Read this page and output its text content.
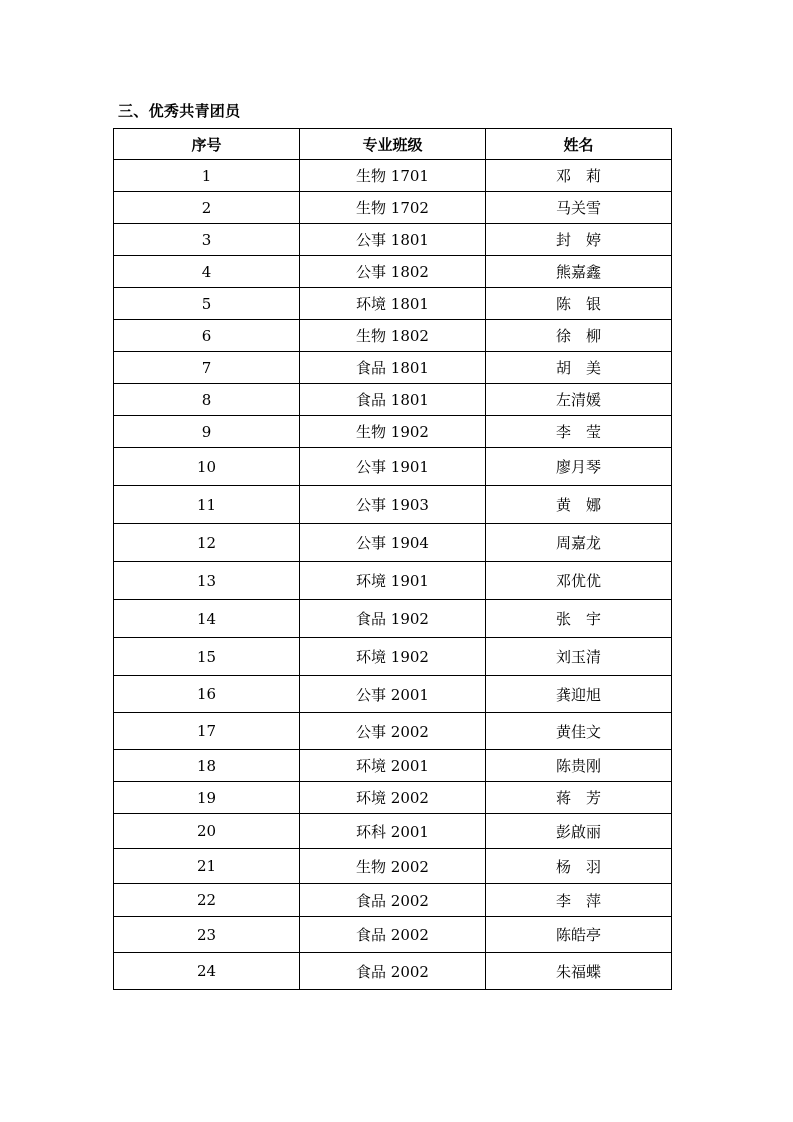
三、优秀共青团员
序号	专业班级	姓名
1	生物 1701	邓　莉
2	生物 1702	马关雪
3	公事 1801	封　婷
4	公事 1802	熊嘉鑫
5	环境 1801	陈　银
6	生物 1802	徐　柳
7	食品 1801	胡　美
8	食品 1801	左清媛
9	生物 1902	李　莹
10	公事 1901	廖月琴
11	公事 1903	黄　娜
12	公事 1904	周嘉龙
13	环境 1901	邓优优
14	食品 1902	张　宇
15	环境 1902	刘玉清
16	公事 2001	龚迎旭
17	公事 2002	黄佳文
18	环境 2001	陈贵刚
19	环境 2002	蒋　芳
20	环科 2001	彭啟丽
21	生物 2002	杨　羽
22	食品 2002	李　萍
23	食品 2002	陈皓亭
24	食品 2002	朱福蝶
